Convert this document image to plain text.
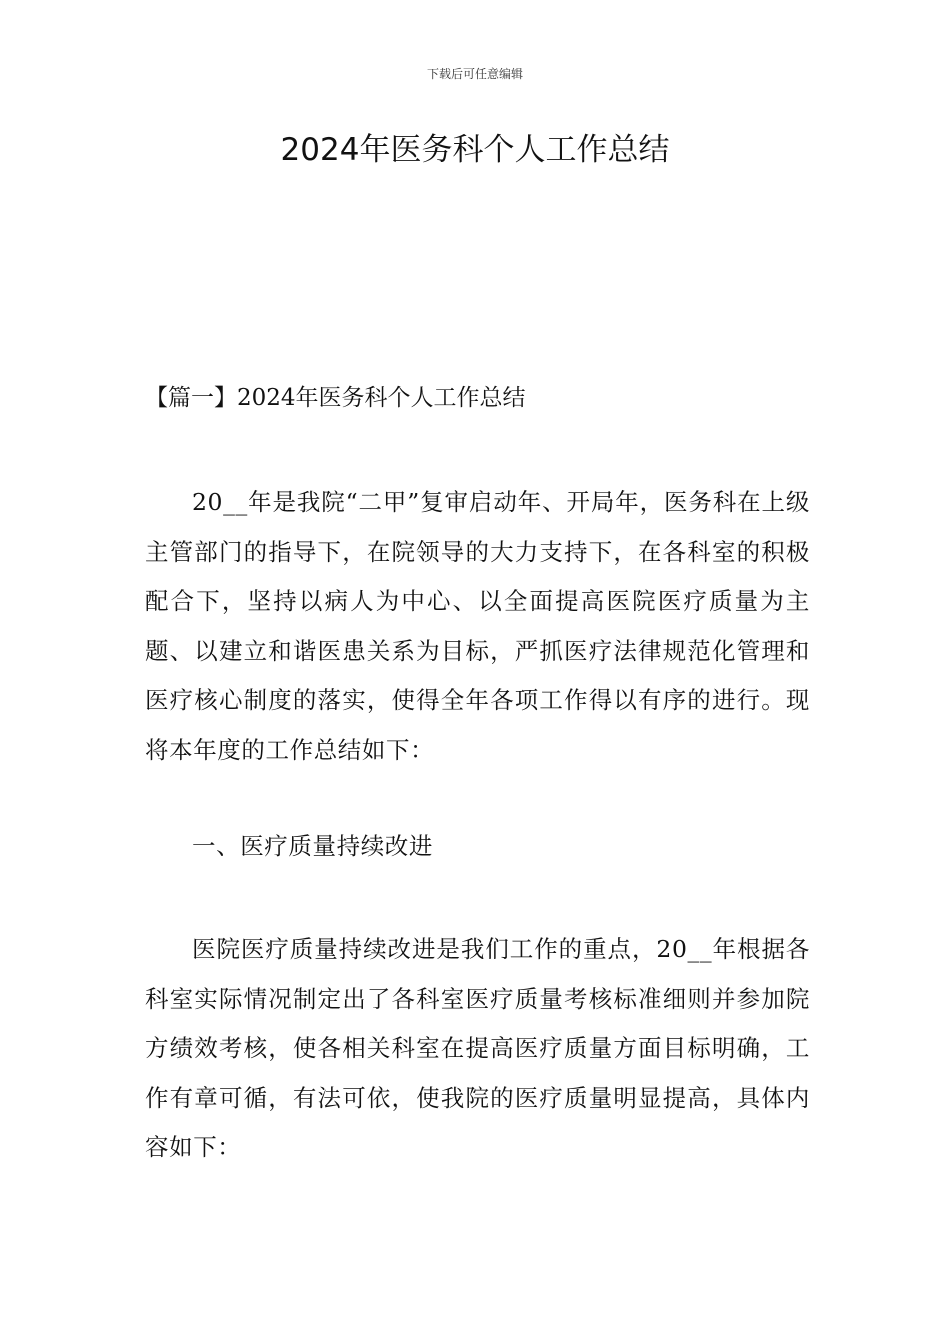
下载后可任意编辑
2024年医务科个人工作总结

【篇一】2024年医务科个人工作总结

20__年是我院“二甲”复审启动年、开局年，医务科在上级主管部门的指导下，在院领导的大力支持下，在各科室的积极配合下，坚持以病人为中心、以全面提高医院医疗质量为主题、以建立和谐医患关系为目标，严抓医疗法律规范化管理和医疗核心制度的落实，使得全年各项工作得以有序的进行。现将本年度的工作总结如下：

一、医疗质量持续改进

医院医疗质量持续改进是我们工作的重点，20__年根据各科室实际情况制定出了各科室医疗质量考核标准细则并参加院方绩效考核，使各相关科室在提高医疗质量方面目标明确，工作有章可循，有法可依，使我院的医疗质量明显提高，具体内容如下：
